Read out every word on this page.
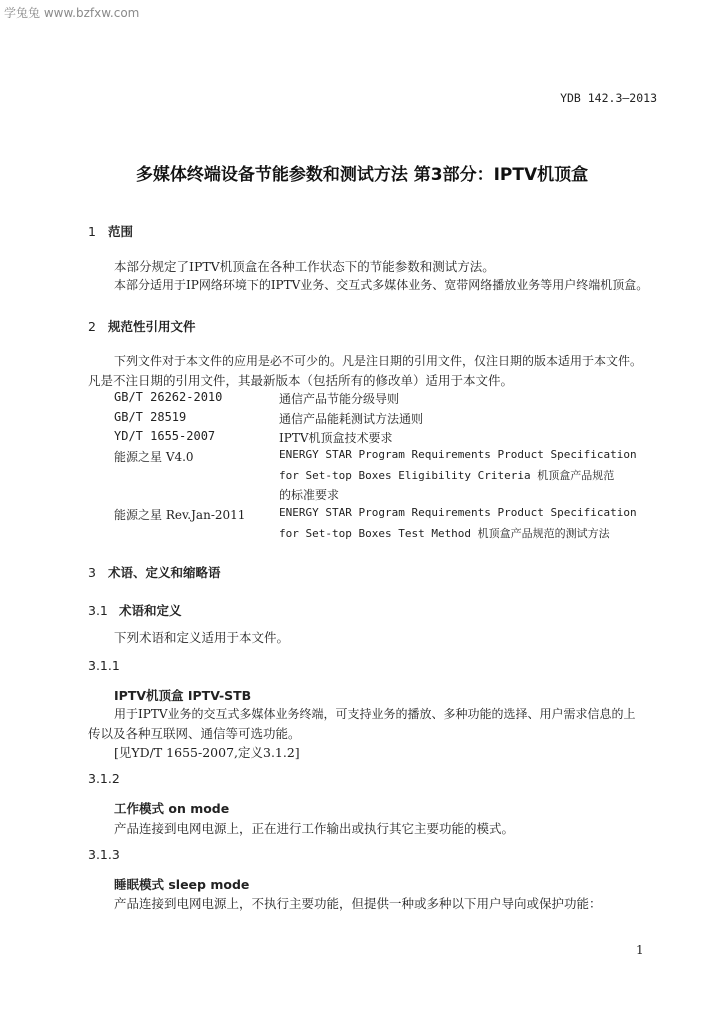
学兔兔 www.bzfxw.com
YDB 142.3—2013
多媒体终端设备节能参数和测试方法 第3部分：IPTV机顶盒
1 范围
本部分规定了IPTV机顶盒在各种工作状态下的节能参数和测试方法。
本部分适用于IP网络环境下的IPTV业务、交互式多媒体业务、宽带网络播放业务等用户终端机顶盒。
2 规范性引用文件
下列文件对于本文件的应用是必不可少的。凡是注日期的引用文件，仅注日期的版本适用于本文件。
凡是不注日期的引用文件，其最新版本（包括所有的修改单）适用于本文件。
GB/T 26262-2010	通信产品节能分级导则
GB/T 28519	通信产品能耗测试方法通则
YD/T 1655-2007	IPTV机顶盒技术要求
能源之星 V4.0	ENERGY STAR Program Requirements Product Specification
for Set-top Boxes Eligibility Criteria 机顶盒产品规范
的标准要求
能源之星 Rev.Jan-2011	ENERGY STAR Program Requirements Product Specification
for Set-top Boxes Test Method 机顶盒产品规范的测试方法
3 术语、定义和缩略语
3.1 术语和定义
下列术语和定义适用于本文件。
3.1.1
IPTV机顶盒 IPTV-STB
用于IPTV业务的交互式多媒体业务终端，可支持业务的播放、多种功能的选择、用户需求信息的上
传以及各种互联网、通信等可选功能。
[见YD/T 1655-2007,定义3.1.2]
3.1.2
工作模式 on mode
产品连接到电网电源上，正在进行工作输出或执行其它主要功能的模式。
3.1.3
睡眠模式 sleep mode
产品连接到电网电源上，不执行主要功能，但提供一种或多种以下用户导向或保护功能：
1
